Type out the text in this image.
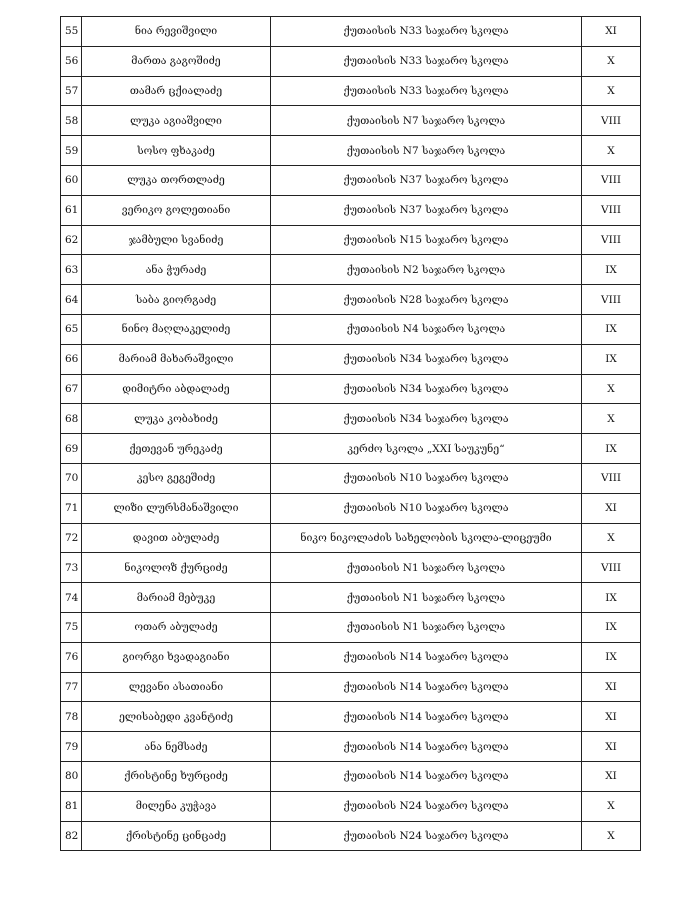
55	ნია რევიშვილი	ქუთაისის N33 საჯარო სკოლა	XI
56	მართა გაგოშიძე	ქუთაისის N33 საჯარო სკოლა	X
57	თამარ ცქიალაძე	ქუთაისის N33 საჯარო სკოლა	X
58	ლუკა აგიაშვილი	ქუთაისის N7 საჯარო სკოლა	VIII
59	სოსო ფხაკაძე	ქუთაისის N7 საჯარო სკოლა	X
60	ლუკა თორთლაძე	ქუთაისის N37 საჯარო სკოლა	VIII
61	ვერიკო გოლეთიანი	ქუთაისის N37 საჯარო სკოლა	VIII
62	ჯამბული სვანიძე	ქუთაისის N15 საჯარო სკოლა	VIII
63	ანა ჭურაძე	ქუთაისის N2 საჯარო სკოლა	IX
64	საბა გიორგაძე	ქუთაისის N28 საჯარო სკოლა	VIII
65	ნინო მაღლაკელიძე	ქუთაისის N4 საჯარო სკოლა	IX
66	მარიამ მახარაშვილი	ქუთაისის N34 საჯარო სკოლა	IX
67	დიმიტრი აბდალაძე	ქუთაისის N34 საჯარო სკოლა	X
68	ლუკა კობახიძე	ქუთაისის N34 საჯარო სკოლა	X
69	ქეთევან ურეკაძე	კერძო სკოლა „XXI საუკუნე“	IX
70	კესო გეგეშიძე	ქუთაისის N10 საჯარო სკოლა	VIII
71	ლიზი ლურსმანაშვილი	ქუთაისის N10 საჯარო სკოლა	XI
72	დავით აბულაძე	ნიკო ნიკოლაძის სახელობის სკოლა-ლიცეუმი	X
73	ნიკოლოზ ქურციძე	ქუთაისის N1 საჯარო სკოლა	VIII
74	მარიამ მებუკე	ქუთაისის N1 საჯარო სკოლა	IX
75	ოთარ აბულაძე	ქუთაისის N1 საჯარო სკოლა	IX
76	გიორგი ხვადაგიანი	ქუთაისის N14 საჯარო სკოლა	IX
77	ლევანი ასათიანი	ქუთაისის N14 საჯარო სკოლა	XI
78	ელისაბედი კვანტიძე	ქუთაისის N14 საჯარო სკოლა	XI
79	ანა ნემსაძე	ქუთაისის N14 საჯარო სკოლა	XI
80	ქრისტინე ხურციძე	ქუთაისის N14 საჯარო სკოლა	XI
81	მილენა კუჭავა	ქუთაისის N24 საჯარო სკოლა	X
82	ქრისტინე ცინცაძე	ქუთაისის N24 საჯარო სკოლა	X
